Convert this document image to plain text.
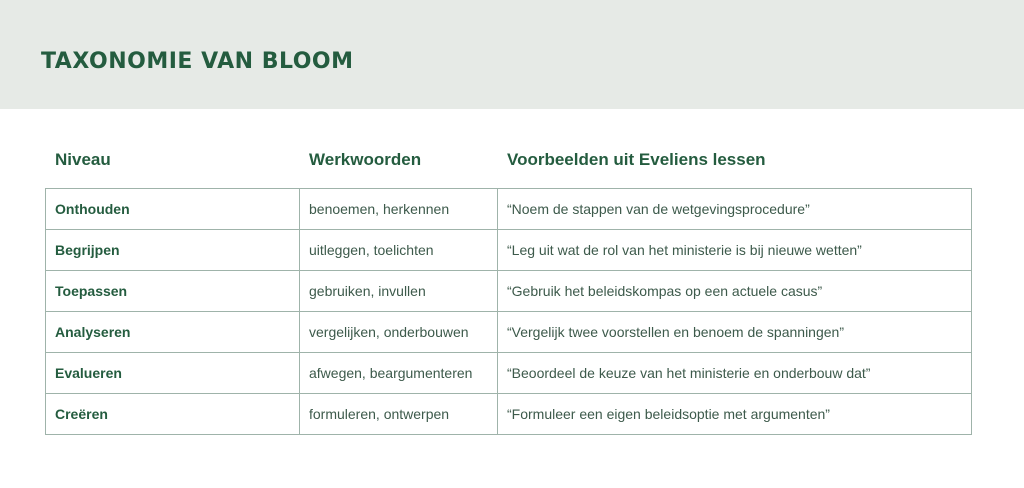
TAXONOMIE VAN BLOOM
Niveau	Werkwoorden	Voorbeelden uit Eveliens lessen
Onthouden	benoemen, herkennen	“Noem de stappen van de wetgevingsprocedure”
Begrijpen	uitleggen, toelichten	“Leg uit wat de rol van het ministerie is bij nieuwe wetten”
Toepassen	gebruiken, invullen	“Gebruik het beleidskompas op een actuele casus”
Analyseren	vergelijken, onderbouwen	“Vergelijk twee voorstellen en benoem de spanningen”
Evalueren	afwegen, beargumenteren	“Beoordeel de keuze van het ministerie en onderbouw dat”
Creëren	formuleren, ontwerpen	“Formuleer een eigen beleidsoptie met argumenten”
